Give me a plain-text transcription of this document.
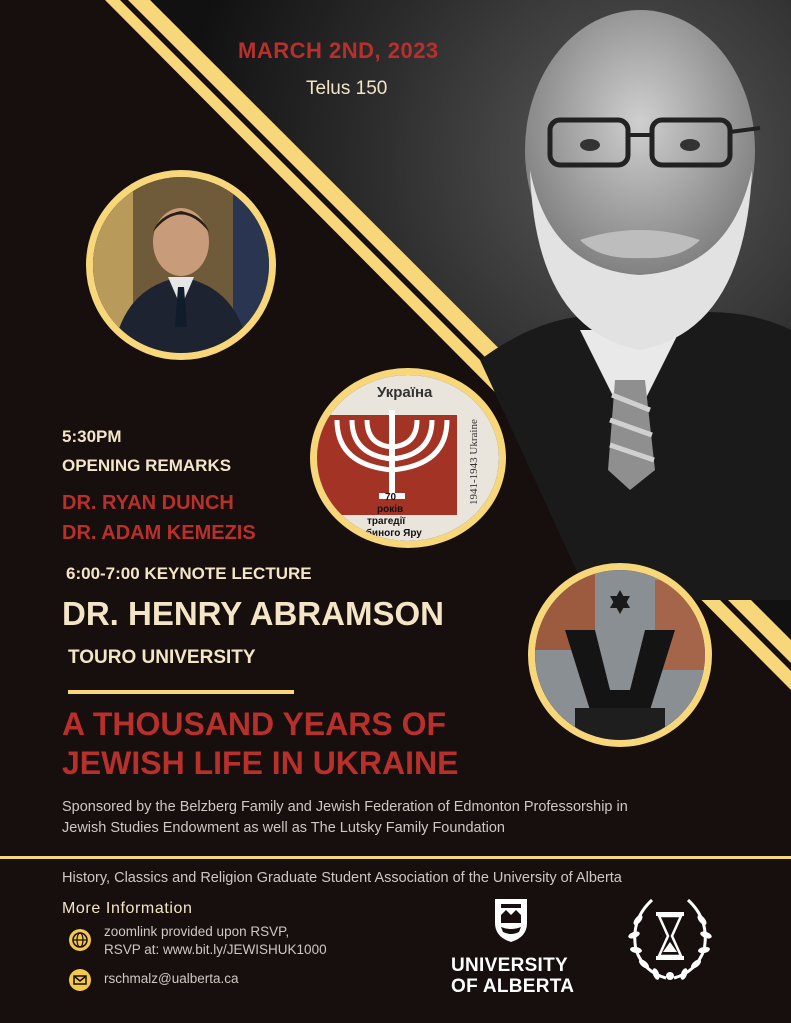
MARCH 2ND, 2023
Telus 150
Україна
1941-1943 Ukraine
70
років
трагедії
Бабиного Яру
5:30PM
OPENING REMARKS
DR. RYAN DUNCH
DR. ADAM KEMEZIS
6:00-7:00 KEYNOTE LECTURE
DR. HENRY ABRAMSON
TOURO UNIVERSITY
A THOUSAND YEARS OF
JEWISH LIFE IN UKRAINE
Sponsored by the Belzberg Family and Jewish Federation of Edmonton Professorship in
Jewish Studies Endowment as well as The Lutsky Family Foundation
History, Classics and Religion Graduate Student Association of the University of Alberta
More Information
zoomlink provided upon RSVP,
RSVP at: www.bit.ly/JEWISHUK1000
rschmalz@ualberta.ca
UNIVERSITY
OF ALBERTA
